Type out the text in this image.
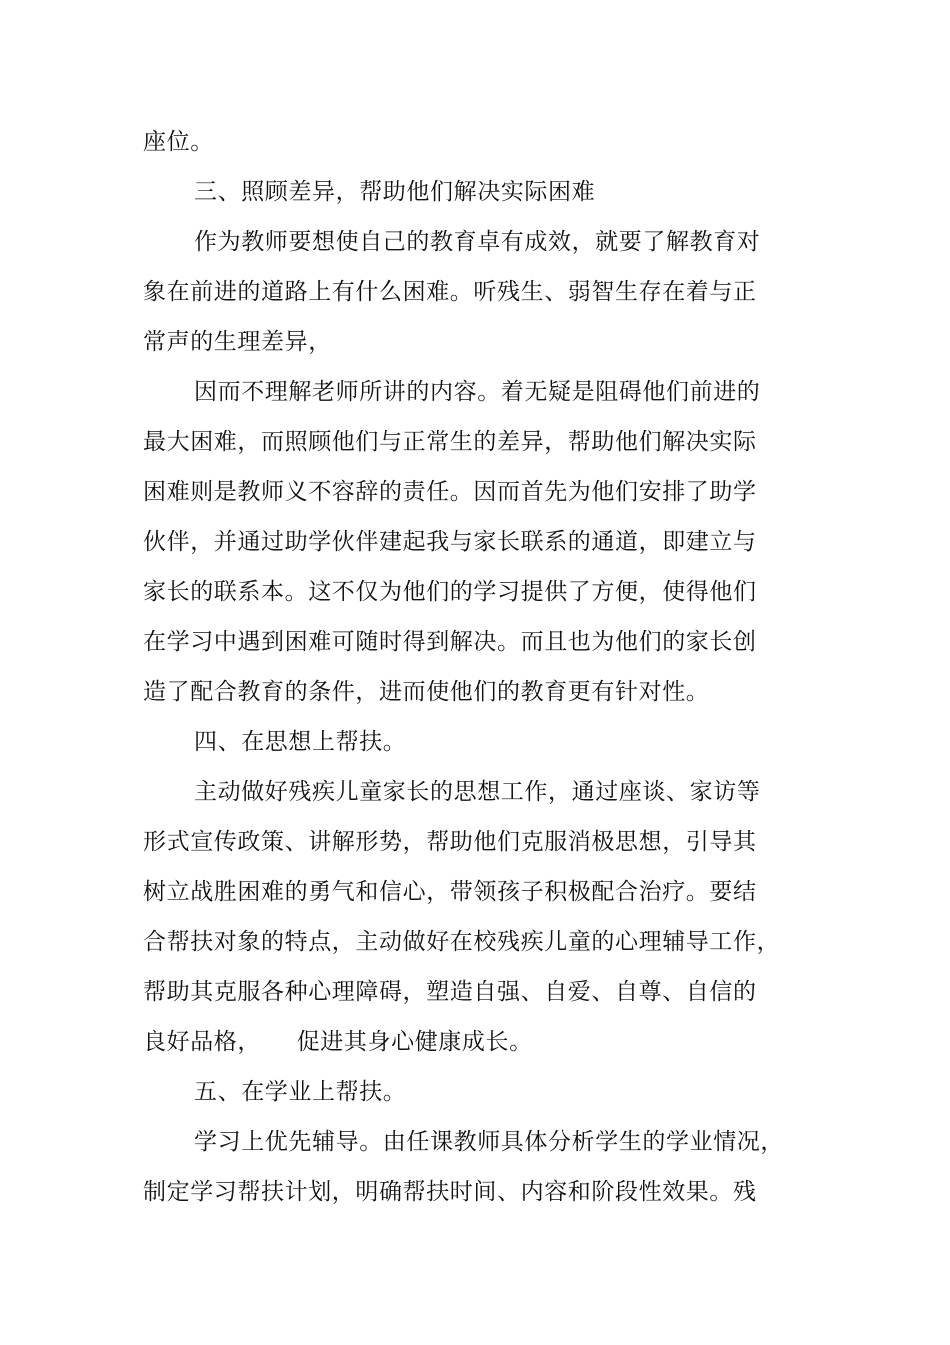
座位。
三、照顾差异，帮助他们解决实际困难
作为教师要想使自己的教育卓有成效，就要了解教育对
象在前进的道路上有什么困难。听残生、弱智生存在着与正
常声的生理差异，
因而不理解老师所讲的内容。着无疑是阻碍他们前进的
最大困难，而照顾他们与正常生的差异，帮助他们解决实际
困难则是教师义不容辞的责任。因而首先为他们安排了助学
伙伴，并通过助学伙伴建起我与家长联系的通道，即建立与
家长的联系本。这不仅为他们的学习提供了方便，使得他们
在学习中遇到困难可随时得到解决。而且也为他们的家长创
造了配合教育的条件，进而使他们的教育更有针对性。
四、在思想上帮扶。
主动做好残疾儿童家长的思想工作，通过座谈、家访等
形式宣传政策、讲解形势，帮助他们克服消极思想，引导其
树立战胜困难的勇气和信心，带领孩子积极配合治疗。要结
合帮扶对象的特点，主动做好在校残疾儿童的心理辅导工作，
帮助其克服各种心理障碍，塑造自强、自爱、自尊、自信的
良好品格，　　促进其身心健康成长。
五、在学业上帮扶。
学习上优先辅导。由任课教师具体分析学生的学业情况，
制定学习帮扶计划，明确帮扶时间、内容和阶段性效果。残
